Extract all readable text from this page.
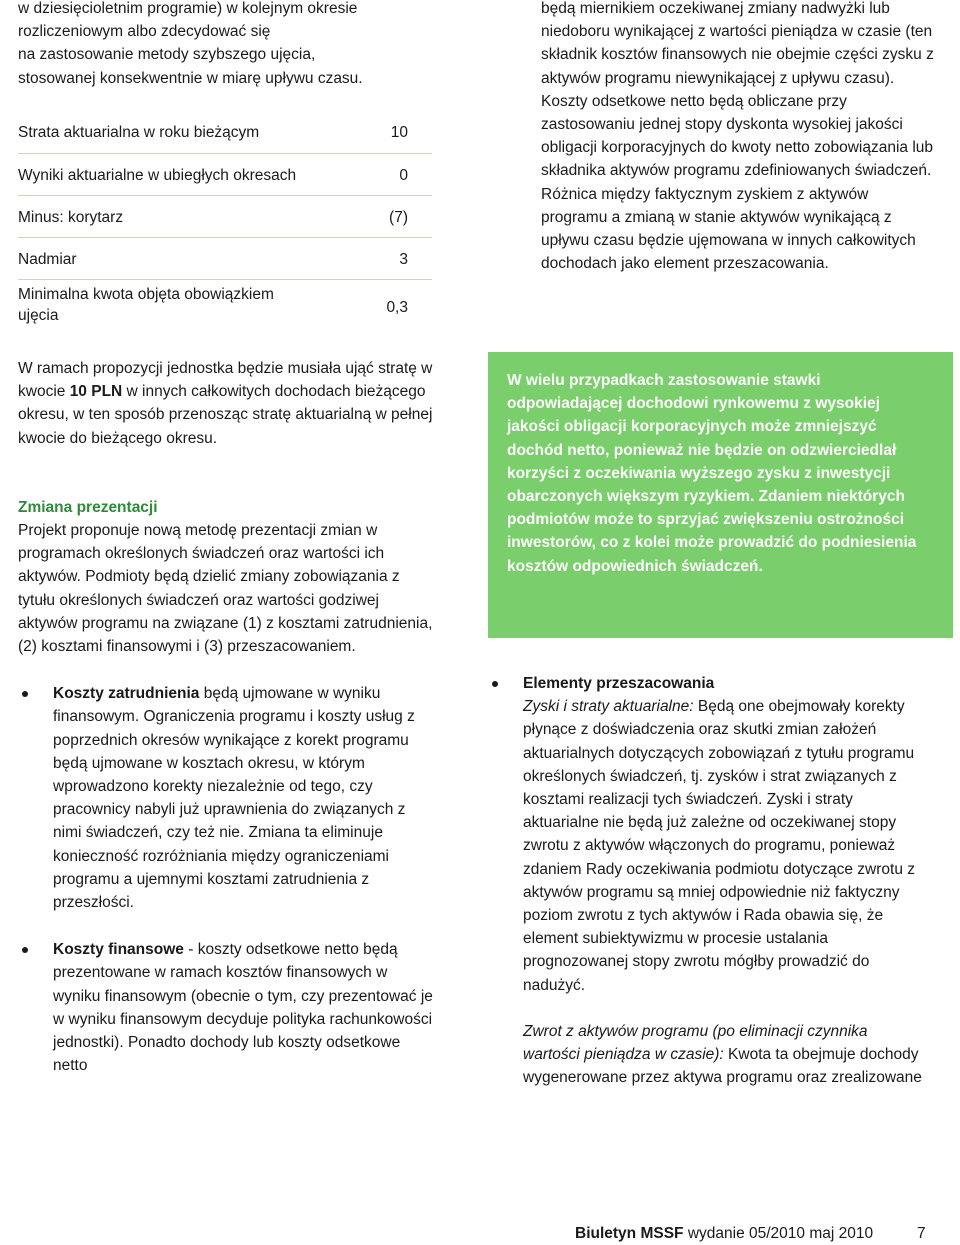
w dziesięcioletnim programie) w kolejnym okresie

rozliczeniowym albo zdecydować się

na zastosowanie metody szybszego ujęcia,

stosowanej konsekwentnie w miarę upływu czasu.

Strata aktuarialna w roku bieżącym	10
Wyniki aktuarialne w ubiegłych okresach	0
Minus: korytarz	(7)
Nadmiar	3
Minimalna kwota objęta obowiązkiem ujęcia	0,3

będą miernikiem oczekiwanej zmiany nadwyżki lub niedoboru wynikającej z wartości pieniądza w czasie (ten składnik kosztów finansowych nie obejmie części zysku z aktywów programu niewynikającej z upływu czasu). Koszty odsetkowe netto będą obliczane przy zastosowaniu jednej stopy dyskonta wysokiej jakości obligacji korporacyjnych do kwoty netto zobowiązania lub składnika aktywów programu zdefiniowanych świadczeń. Różnica między faktycznym zyskiem z aktywów programu a zmianą w stanie aktywów wynikającą z upływu czasu będzie ujęmowana w innych całkowitych dochodach jako element przeszacowania.

W ramach propozycji jednostka będzie musiała ująć stratę w kwocie 10 PLN w innych całkowitych dochodach bieżącego okresu, w ten sposób przenosząc stratę aktuarialną w pełnej kwocie do bieżącego okresu.

Zmiana prezentacji

Projekt proponuje nową metodę prezentacji zmian w programach określonych świadczeń oraz wartości ich aktywów. Podmioty będą dzielić zmiany zobowiązania z tytułu określonych świadczeń oraz wartości godziwej aktywów programu na związane (1) z kosztami zatrudnienia, (2) kosztami finansowymi i (3) przeszacowaniem.

Koszty zatrudnienia będą ujmowane w wyniku finansowym. Ograniczenia programu i koszty usług z poprzednich okresów wynikające z korekt programu będą ujmowane w kosztach okresu, w którym wprowadzono korekty niezależnie od tego, czy pracownicy nabyli już uprawnienia do związanych z nimi świadczeń, czy też nie. Zmiana ta eliminuje konieczność rozróżniania między ograniczeniami programu a ujemnymi kosztami zatrudnienia z przeszłości.
Koszty finansowe - koszty odsetkowe netto będą prezentowane w ramach kosztów finansowych w wyniku finansowym (obecnie o tym, czy prezentować je w wyniku finansowym decyduje polityka rachunkowości jednostki). Ponadto dochody lub koszty odsetkowe netto

W wielu przypadkach zastosowanie stawki odpowiadającej dochodowi rynkowemu z wysokiej jakości obligacji korporacyjnych może zmniejszyć dochód netto, ponieważ nie będzie on odzwierciedlał korzyści z oczekiwania wyższego zysku z inwestycji obarczonych większym ryzykiem. Zdaniem niektórych podmiotów może to sprzyjać zwiększeniu ostrożności inwestorów, co z kolei może prowadzić do podniesienia kosztów odpowiednich świadczeń.

Elementy przeszacowania

Zyski i straty aktuarialne: Będą one obejmowały korekty płynące z doświadczenia oraz skutki zmian założeń aktuarialnych dotyczących zobowiązań z tytułu programu określonych świadczeń, tj. zysków i strat związanych z kosztami realizacji tych świadczeń. Zyski i straty aktuarialne nie będą już zależne od oczekiwanej stopy zwrotu z aktywów włączonych do programu, ponieważ zdaniem Rady oczekiwania podmiotu dotyczące zwrotu z aktywów programu są mniej odpowiednie niż faktyczny poziom zwrotu z tych aktywów i Rada obawia się, że element subiektywizmu w procesie ustalania prognozowanej stopy zwrotu mógłby prowadzić do nadużyć.

Zwrot z aktywów programu (po eliminacji czynnika wartości pieniądza w czasie): Kwota ta obejmuje dochody wygenerowane przez aktywa programu oraz zrealizowane

Biuletyn MSSF wydanie 05/2010 maj 2010	7
